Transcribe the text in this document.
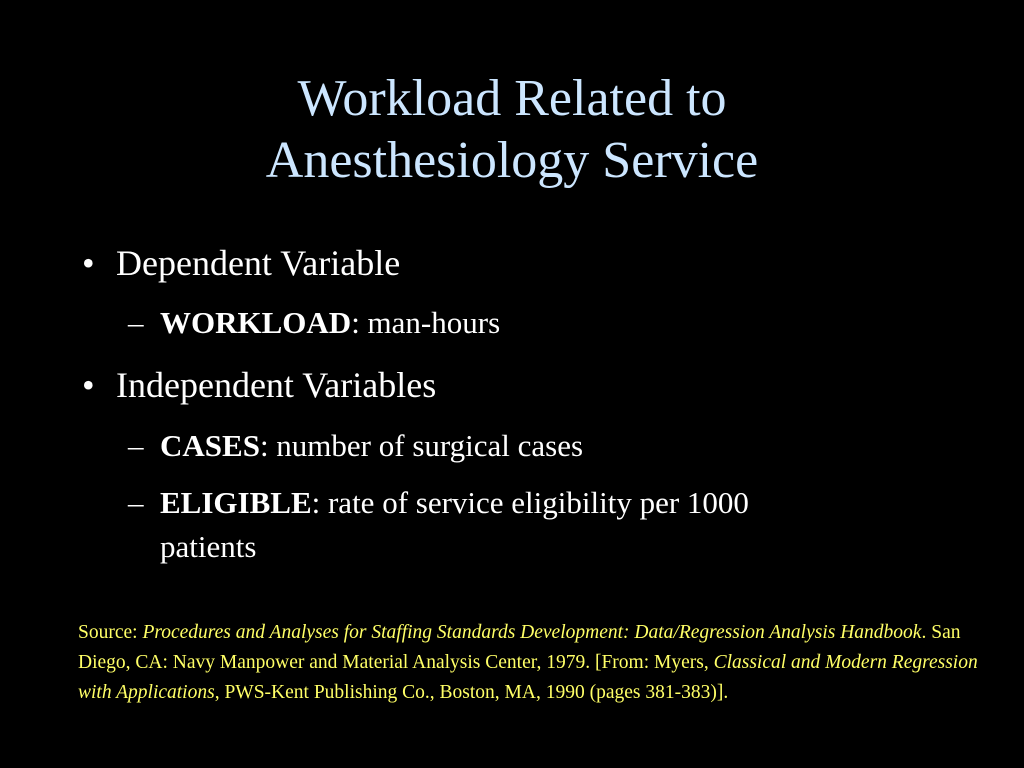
Workload Related to
Anesthesiology Service
• Dependent Variable
– WORKLOAD: man-hours
• Independent Variables
– CASES: number of surgical cases
– ELIGIBLE: rate of service eligibility per 1000
patients
Source: Procedures and Analyses for Staffing Standards Development: Data/Regression Analysis Handbook. San Diego, CA: Navy Manpower and Material Analysis Center, 1979. [From: Myers, Classical and Modern Regression with Applications, PWS-Kent Publishing Co., Boston, MA, 1990 (pages 381-383)].
